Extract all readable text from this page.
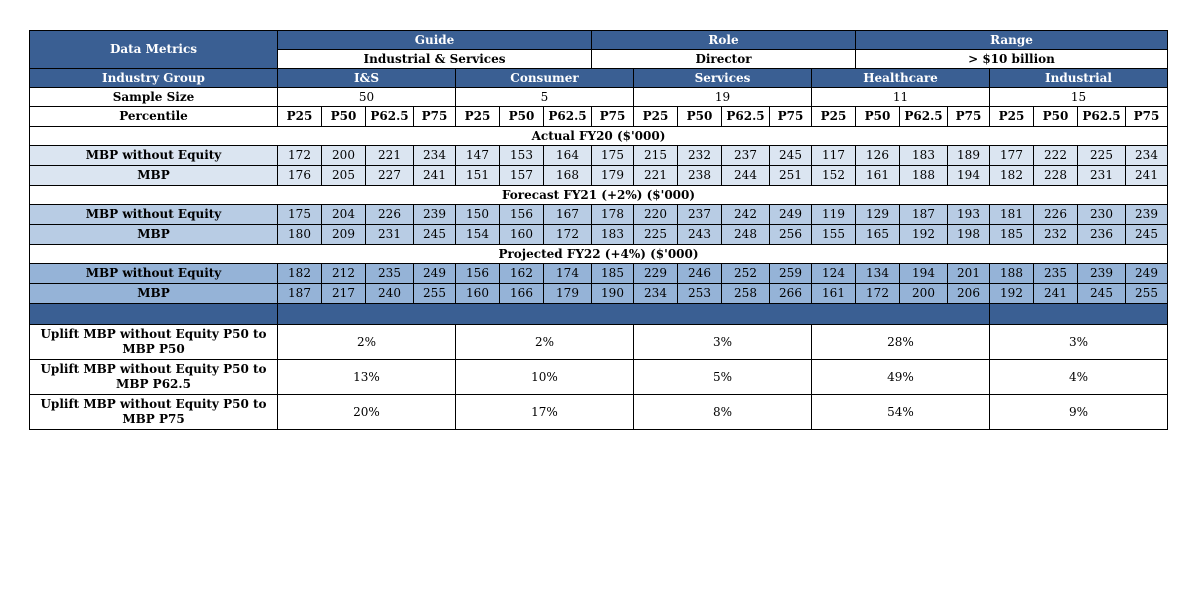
Data Metrics	Guide							Role						Range						
	Industrial & Services							Director						> $10 billion						
Industry Group	I&S				Consumer				Services				Healthcare				Industrial			
Sample Size	50				5				19				11				15			
Percentile	P25	P50	P62.5	P75	P25	P50	P62.5	P75	P25	P50	P62.5	P75	P25	P50	P62.5	P75	P25	P50	P62.5	P75
Actual FY20 ($'000)																				
MBP without Equity	172	200	221	234	147	153	164	175	215	232	237	245	117	126	183	189	177	222	225	234
MBP	176	205	227	241	151	157	168	179	221	238	244	251	152	161	188	194	182	228	231	241
Forecast FY21 (+2%) ($'000)																				
MBP without Equity	175	204	226	239	150	156	167	178	220	237	242	249	119	129	187	193	181	226	230	239
MBP	180	209	231	245	154	160	172	183	225	243	248	256	155	165	192	198	185	232	236	245
Projected FY22 (+4%) ($'000)																				
MBP without Equity	182	212	235	249	156	162	174	185	229	246	252	259	124	134	194	201	188	235	239	249
MBP	187	217	240	255	160	166	179	190	234	253	258	266	161	172	200	206	192	241	245	255

Uplift MBP without Equity P50 to MBP P50	2%				2%				3%				28%				3%			
Uplift MBP without Equity P50 to MBP P62.5	13%				10%				5%				49%				4%			
Uplift MBP without Equity P50 to MBP P75	20%				17%				8%				54%				9%			
